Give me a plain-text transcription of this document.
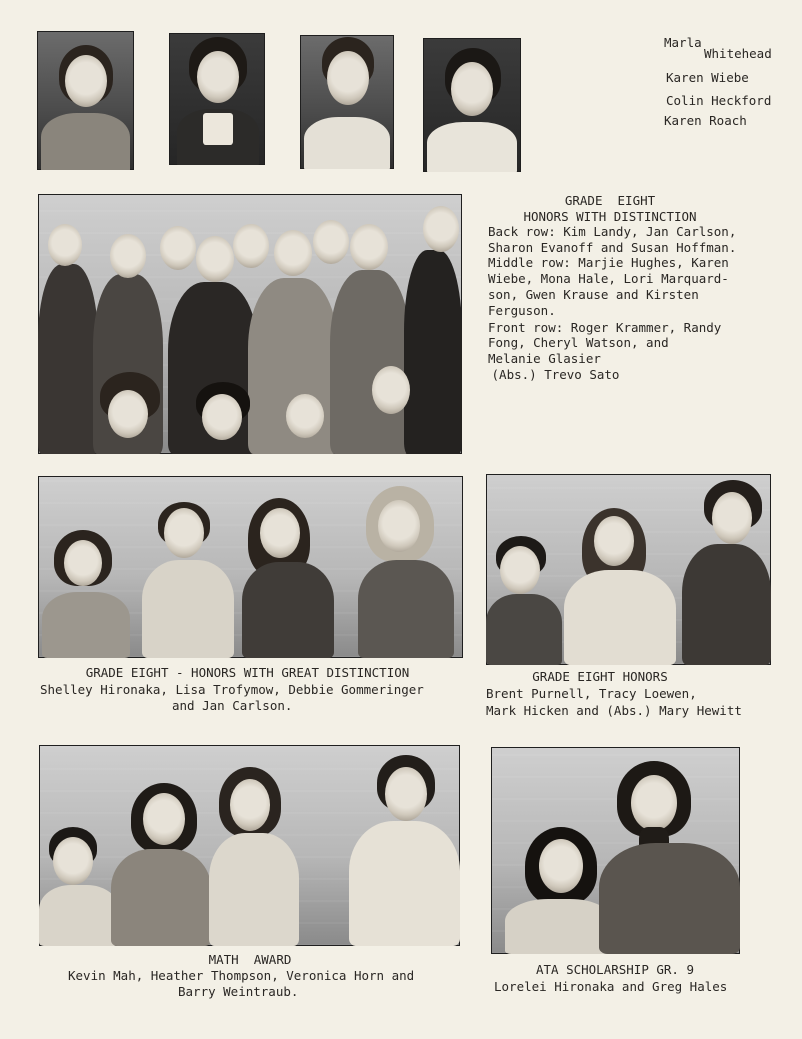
Marla
Whitehead
Karen Wiebe
Colin Heckford
Karen Roach
GRADE  EIGHT
HONORS WITH DISTINCTION
Back row: Kim Landy, Jan Carlson,
Sharon Evanoff and Susan Hoffman.
Middle row: Marjie Hughes, Karen
Wiebe, Mona Hale, Lori Marquard-
son, Gwen Krause and Kirsten
Ferguson.
Front row: Roger Krammer, Randy
Fong, Cheryl Watson, and
Melanie Glasier
(Abs.) Trevo Sato
GRADE EIGHT - HONORS WITH GREAT DISTINCTION
Shelley Hironaka, Lisa Trofymow, Debbie Gommeringer
and Jan Carlson.
GRADE EIGHT HONORS
Brent Purnell, Tracy Loewen,
Mark Hicken and (Abs.) Mary Hewitt
MATH  AWARD
Kevin Mah, Heather Thompson, Veronica Horn and
Barry Weintraub.
ATA SCHOLARSHIP GR. 9
Lorelei Hironaka and Greg Hales
